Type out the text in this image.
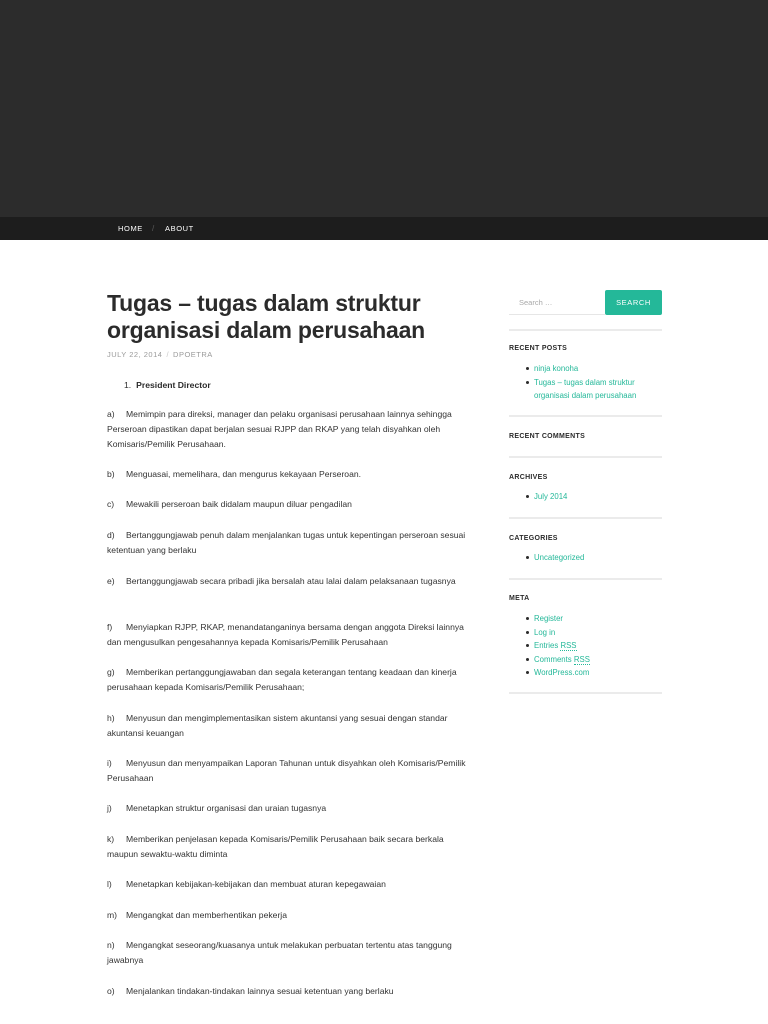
HOME / ABOUT
Tugas – tugas dalam struktur organisasi dalam perusahaan
JULY 22, 2014 / DPOETRA
1. President Director

a) Memimpin para direksi, manager dan pelaku organisasi perusahaan lainnya sehingga Perseroan dipastikan dapat berjalan sesuai RJPP dan RKAP yang telah disyahkan oleh Komisaris/Pemilik Perusahaan.

b) Menguasai, memelihara, dan mengurus kekayaan Perseroan.

c) Mewakili perseroan baik didalam maupun diluar pengadilan

d) Bertanggungjawab penuh dalam menjalankan tugas untuk kepentingan perseroan sesuai ketentuan yang berlaku

e) Bertanggungjawab secara pribadi jika bersalah atau lalai dalam pelaksanaan tugasnya

f) Menyiapkan RJPP, RKAP, menandatanganinya bersama dengan anggota Direksi lainnya dan mengusulkan pengesahannya kepada Komisaris/Pemilik Perusahaan

g) Memberikan pertanggungjawaban dan segala keterangan tentang keadaan dan kinerja perusahaan kepada Komisaris/Pemilik Perusahaan;

h) Menyusun dan mengimplementasikan sistem akuntansi yang sesuai dengan standar akuntansi keuangan

i) Menyusun dan menyampaikan Laporan Tahunan untuk disyahkan oleh Komisaris/Pemilik Perusahaan

j) Menetapkan struktur organisasi dan uraian tugasnya

k) Memberikan penjelasan kepada Komisaris/Pemilik Perusahaan baik secara berkala maupun sewaktu-waktu diminta

l) Menetapkan kebijakan-kebijakan dan membuat aturan kepegawaian

m) Mengangkat dan memberhentikan pekerja

n) Mengangkat seseorang/kuasanya untuk melakukan perbuatan tertentu atas tanggung jawabnya

o) Menjalankan tindakan-tindakan lainnya sesuai ketentuan yang berlaku

Search …	SEARCH
RECENT POSTS
ninja konoha
Tugas – tugas dalam struktur organisasi dalam perusahaan
RECENT COMMENTS
ARCHIVES
July 2014
CATEGORIES
Uncategorized
META
Register
Log in
Entries RSS
Comments RSS
WordPress.com
